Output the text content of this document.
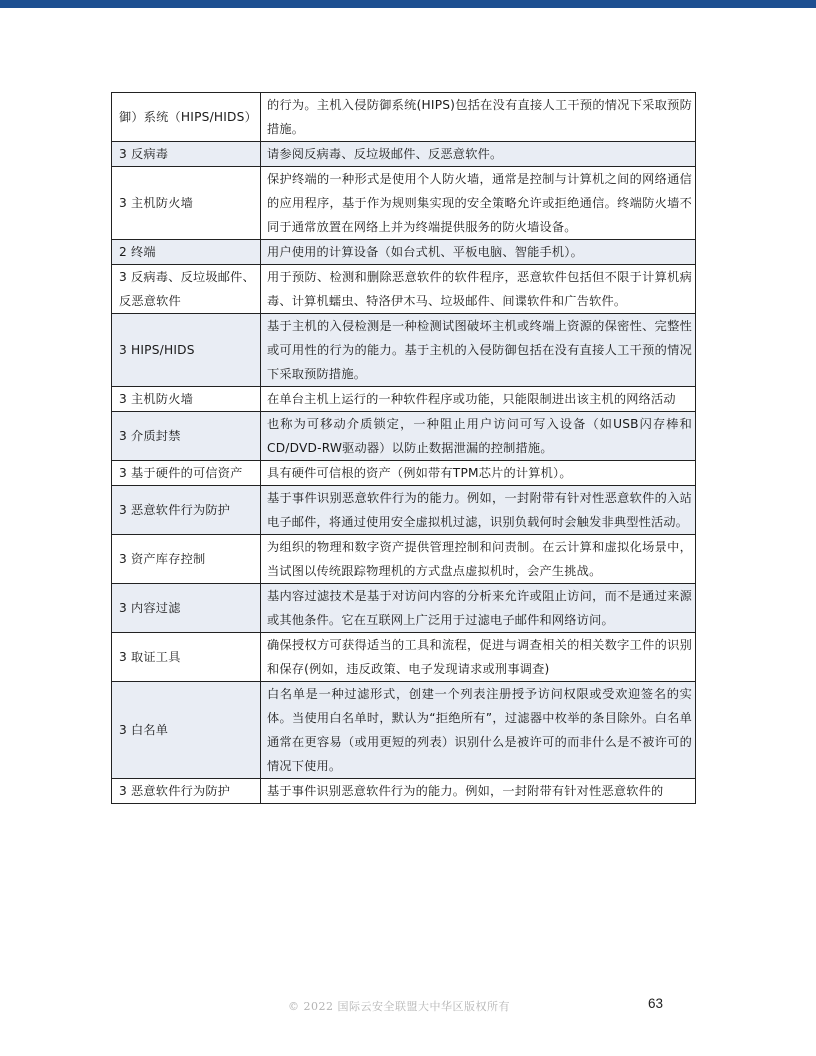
御）系统（HIPS/HIDS）	的行为。主机入侵防御系统(HIPS)包括在没有直接人工干预的情况下采取预防措施。
3 反病毒	请参阅反病毒、反垃圾邮件、反恶意软件。
3 主机防火墙	保护终端的一种形式是使用个人防火墙，通常是控制与计算机之间的网络通信的应用程序，基于作为规则集实现的安全策略允许或拒绝通信。终端防火墙不同于通常放置在网络上并为终端提供服务的防火墙设备。
2 终端	用户使用的计算设备（如台式机、平板电脑、智能手机）。
3 反病毒、反垃圾邮件、反恶意软件	用于预防、检测和删除恶意软件的软件程序，恶意软件包括但不限于计算机病毒、计算机蠕虫、特洛伊木马、垃圾邮件、间谍软件和广告软件。
3 HIPS/HIDS	基于主机的入侵检测是一种检测试图破坏主机或终端上资源的保密性、完整性或可用性的行为的能力。基于主机的入侵防御包括在没有直接人工干预的情况下采取预防措施。
3 主机防火墙	在单台主机上运行的一种软件程序或功能，只能限制进出该主机的网络活动
3 介质封禁	也称为可移动介质锁定，一种阻止用户访问可写入设备（如USB闪存棒和CD/DVD-RW驱动器）以防止数据泄漏的控制措施。
3 基于硬件的可信资产	具有硬件可信根的资产（例如带有TPM芯片的计算机）。
3 恶意软件行为防护	基于事件识别恶意软件行为的能力。例如，一封附带有针对性恶意软件的入站电子邮件，将通过使用安全虚拟机过滤，识别负载何时会触发非典型性活动。
3 资产库存控制	为组织的物理和数字资产提供管理控制和问责制。在云计算和虚拟化场景中，当试图以传统跟踪物理机的方式盘点虚拟机时，会产生挑战。
3 内容过滤	基内容过滤技术是基于对访问内容的分析来允许或阻止访问，而不是通过来源或其他条件。它在互联网上广泛用于过滤电子邮件和网络访问。
3 取证工具	确保授权方可获得适当的工具和流程，促进与调查相关的相关数字工件的识别和保存(例如，违反政策、电子发现请求或刑事调查)
3 白名单	白名单是一种过滤形式，创建一个列表注册授予访问权限或受欢迎签名的实体。当使用白名单时，默认为“拒绝所有”，过滤器中枚举的条目除外。白名单通常在更容易（或用更短的列表）识别什么是被许可的而非什么是不被许可的情况下使用。
3 恶意软件行为防护	基于事件识别恶意软件行为的能力。例如，一封附带有针对性恶意软件的
© 2022 国际云安全联盟大中华区版权所有	63
